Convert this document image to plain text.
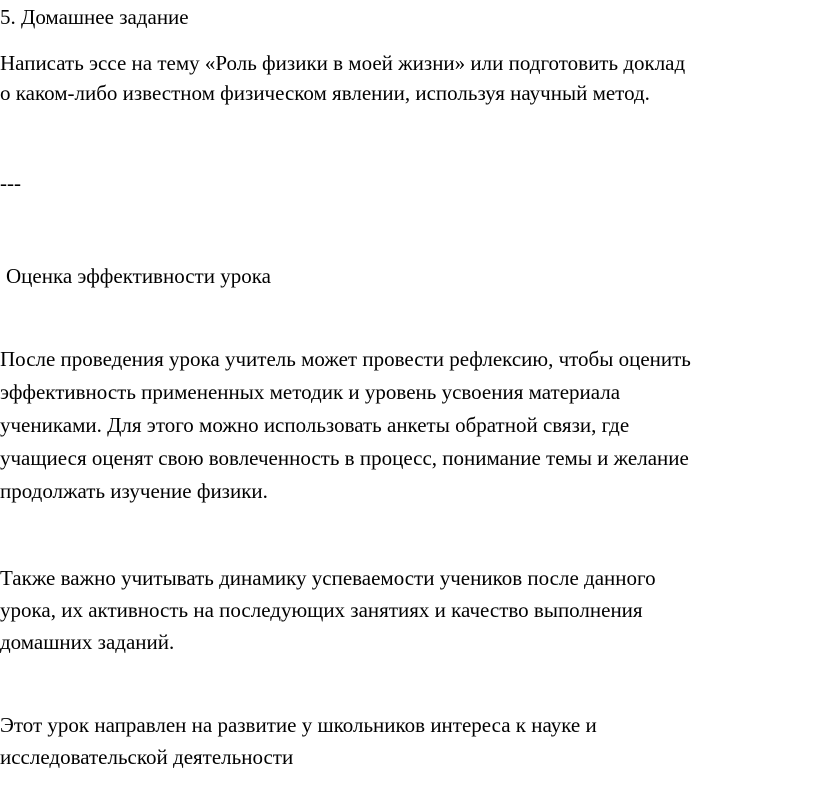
5. Домашнее задание

Написать эссе на тему «Роль физики в моей жизни» или подготовить доклад

о каком-либо известном физическом явлении, используя научный метод.

---

Оценка эффективности урока

После проведения урока учитель может провести рефлексию, чтобы оценить

эффективность примененных методик и уровень усвоения материала

учениками. Для этого можно использовать анкеты обратной связи, где

учащиеся оценят свою вовлеченность в процесс, понимание темы и желание

продолжать изучение физики.

Также важно учитывать динамику успеваемости учеников после данного

урока, их активность на последующих занятиях и качество выполнения

домашних заданий.

Этот урок направлен на развитие у школьников интереса к науке и

исследовательской деятельности
